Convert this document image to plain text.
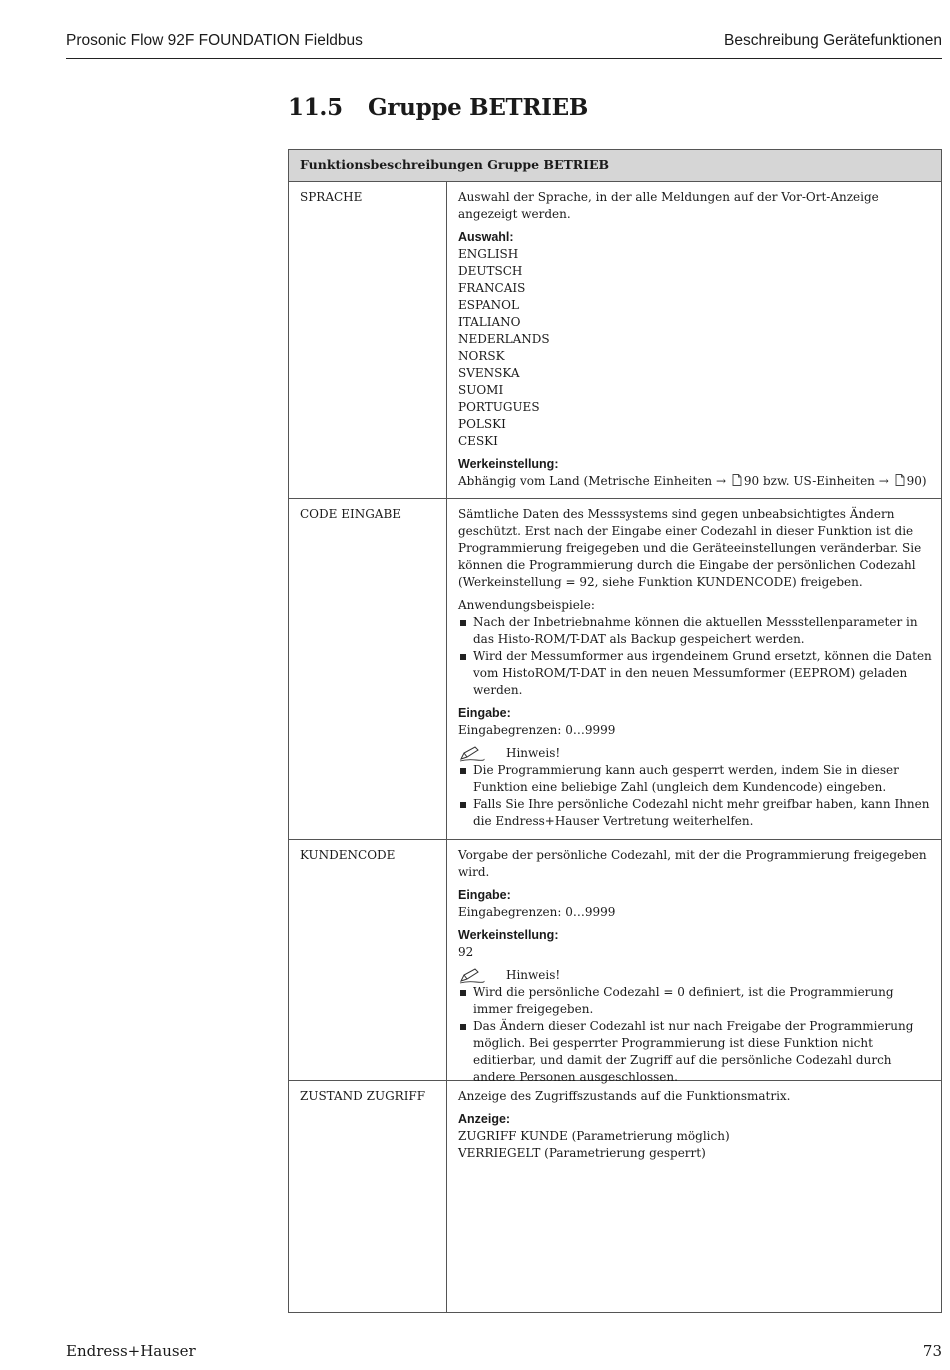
Prosonic Flow 92F FOUNDATION Fieldbus	Beschreibung Gerätefunktionen
11.5 Gruppe BETRIEB
Funktionsbeschreibungen Gruppe BETRIEB
SPRACHE	Auswahl der Sprache, in der alle Meldungen auf der Vor-Ort-Anzeige angezeigt werden.
Auswahl:
ENGLISH
DEUTSCH
FRANCAIS
ESPANOL
ITALIANO
NEDERLANDS
NORSK
SVENSKA
SUOMI
PORTUGUES
POLSKI
CESKI
Werkeinstellung:
Abhängig vom Land (Metrische Einheiten → 90 bzw. US-Einheiten → 90)
CODE EINGABE	Sämtliche Daten des Messsystems sind gegen unbeabsichtigtes Ändern geschützt. Erst nach der Eingabe einer Codezahl in dieser Funktion ist die Programmierung freigegeben und die Geräteeinstellungen veränderbar. Sie können die Programmierung durch die Eingabe der persönlichen Codezahl (Werkeinstellung = 92, siehe Funktion KUNDENCODE) freigeben.
Anwendungsbeispiele:
Nach der Inbetriebnahme können die aktuellen Messstellenparameter in das Histo-ROM/T-DAT als Backup gespeichert werden.
Wird der Messumformer aus irgendeinem Grund ersetzt, können die Daten vom HistoROM/T-DAT in den neuen Messumformer (EEPROM) geladen werden.
Eingabe:
Eingabegrenzen: 0…9999
Hinweis!
Die Programmierung kann auch gesperrt werden, indem Sie in dieser Funktion eine beliebige Zahl (ungleich dem Kundencode) eingeben.
Falls Sie Ihre persönliche Codezahl nicht mehr greifbar haben, kann Ihnen die Endress+Hauser Vertretung weiterhelfen.
KUNDENCODE	Vorgabe der persönliche Codezahl, mit der die Programmierung freigegeben wird.
Eingabe:
Eingabegrenzen: 0…9999
Werkeinstellung:
92
Hinweis!
Wird die persönliche Codezahl = 0 definiert, ist die Programmierung immer freigegeben.
Das Ändern dieser Codezahl ist nur nach Freigabe der Programmierung möglich. Bei gesperrter Programmierung ist diese Funktion nicht editierbar, und damit der Zugriff auf die persönliche Codezahl durch andere Personen ausgeschlossen.
ZUSTAND ZUGRIFF	Anzeige des Zugriffszustands auf die Funktionsmatrix.
Anzeige:
ZUGRIFF KUNDE (Parametrierung möglich)
VERRIEGELT (Parametrierung gesperrt)
Endress+Hauser	73
